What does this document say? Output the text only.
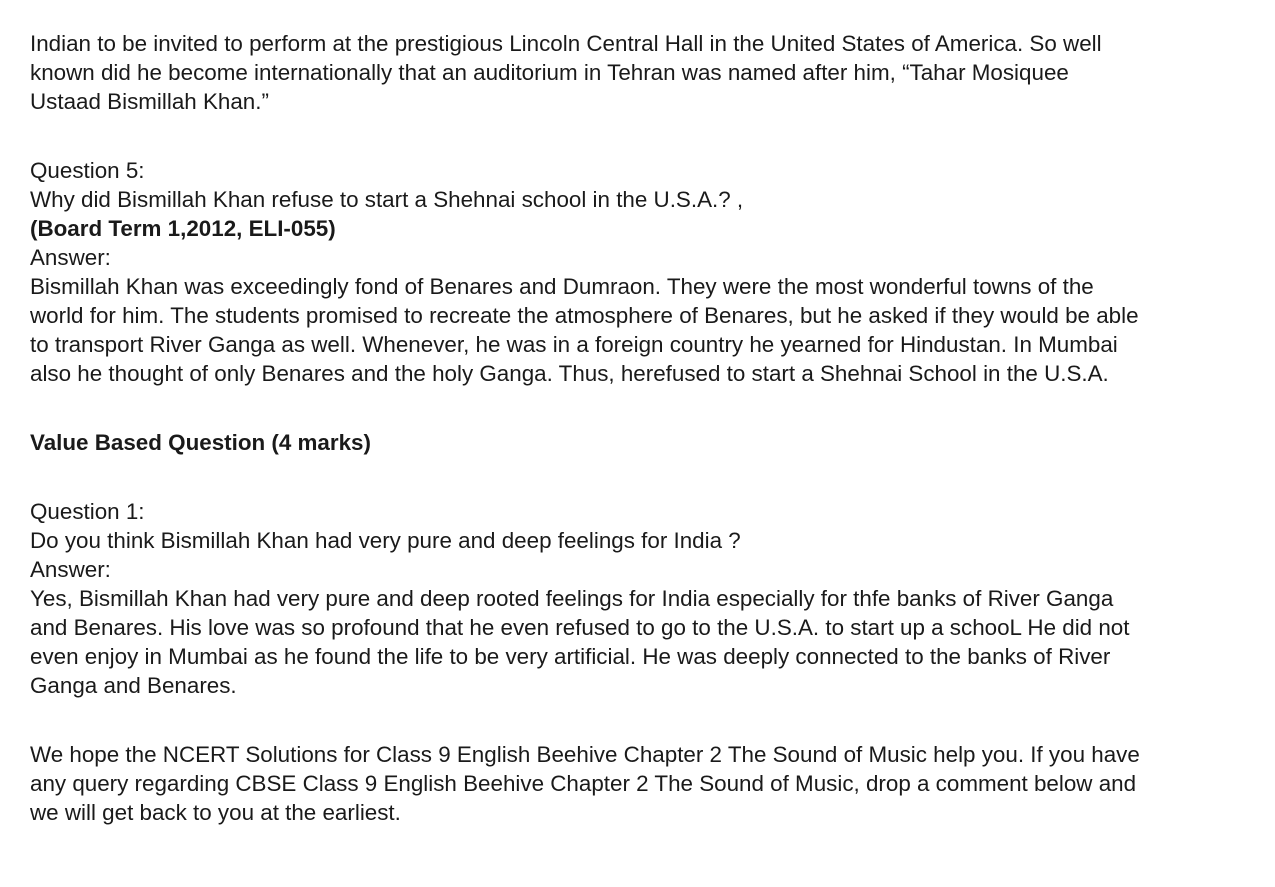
Indian to be invited to perform at the prestigious Lincoln Central Hall in the United States of America. So well
known did he become internationally that an auditorium in Tehran was named after him, “Tahar Mosiquee
Ustaad Bismillah Khan.”
Question 5:
Why did Bismillah Khan refuse to start a Shehnai school in the U.S.A.? ,
(Board Term 1,2012, ELI-055)
Answer:
Bismillah Khan was exceedingly fond of Benares and Dumraon. They were the most wonderful towns of the
world for him. The students promised to recreate the atmosphere of Benares, but he asked if they would be able
to transport River Ganga as well. Whenever, he was in a foreign country he yearned for Hindustan. In Mumbai
also he thought of only Benares and the holy Ganga. Thus, herefused to start a Shehnai School in the U.S.A.
Value Based Question (4 marks)
Question 1:
Do you think Bismillah Khan had very pure and deep feelings for India ?
Answer:
Yes, Bismillah Khan had very pure and deep rooted feelings for India especially for thfe banks of River Ganga
and Benares. His love was so profound that he even refused to go to the U.S.A. to start up a schooL He did not
even enjoy in Mumbai as he found the life to be very artificial. He was deeply connected to the banks of River
Ganga and Benares.
We hope the NCERT Solutions for Class 9 English Beehive Chapter 2 The Sound of Music help you. If you have
any query regarding CBSE Class 9 English Beehive Chapter 2 The Sound of Music, drop a comment below and
we will get back to you at the earliest.
